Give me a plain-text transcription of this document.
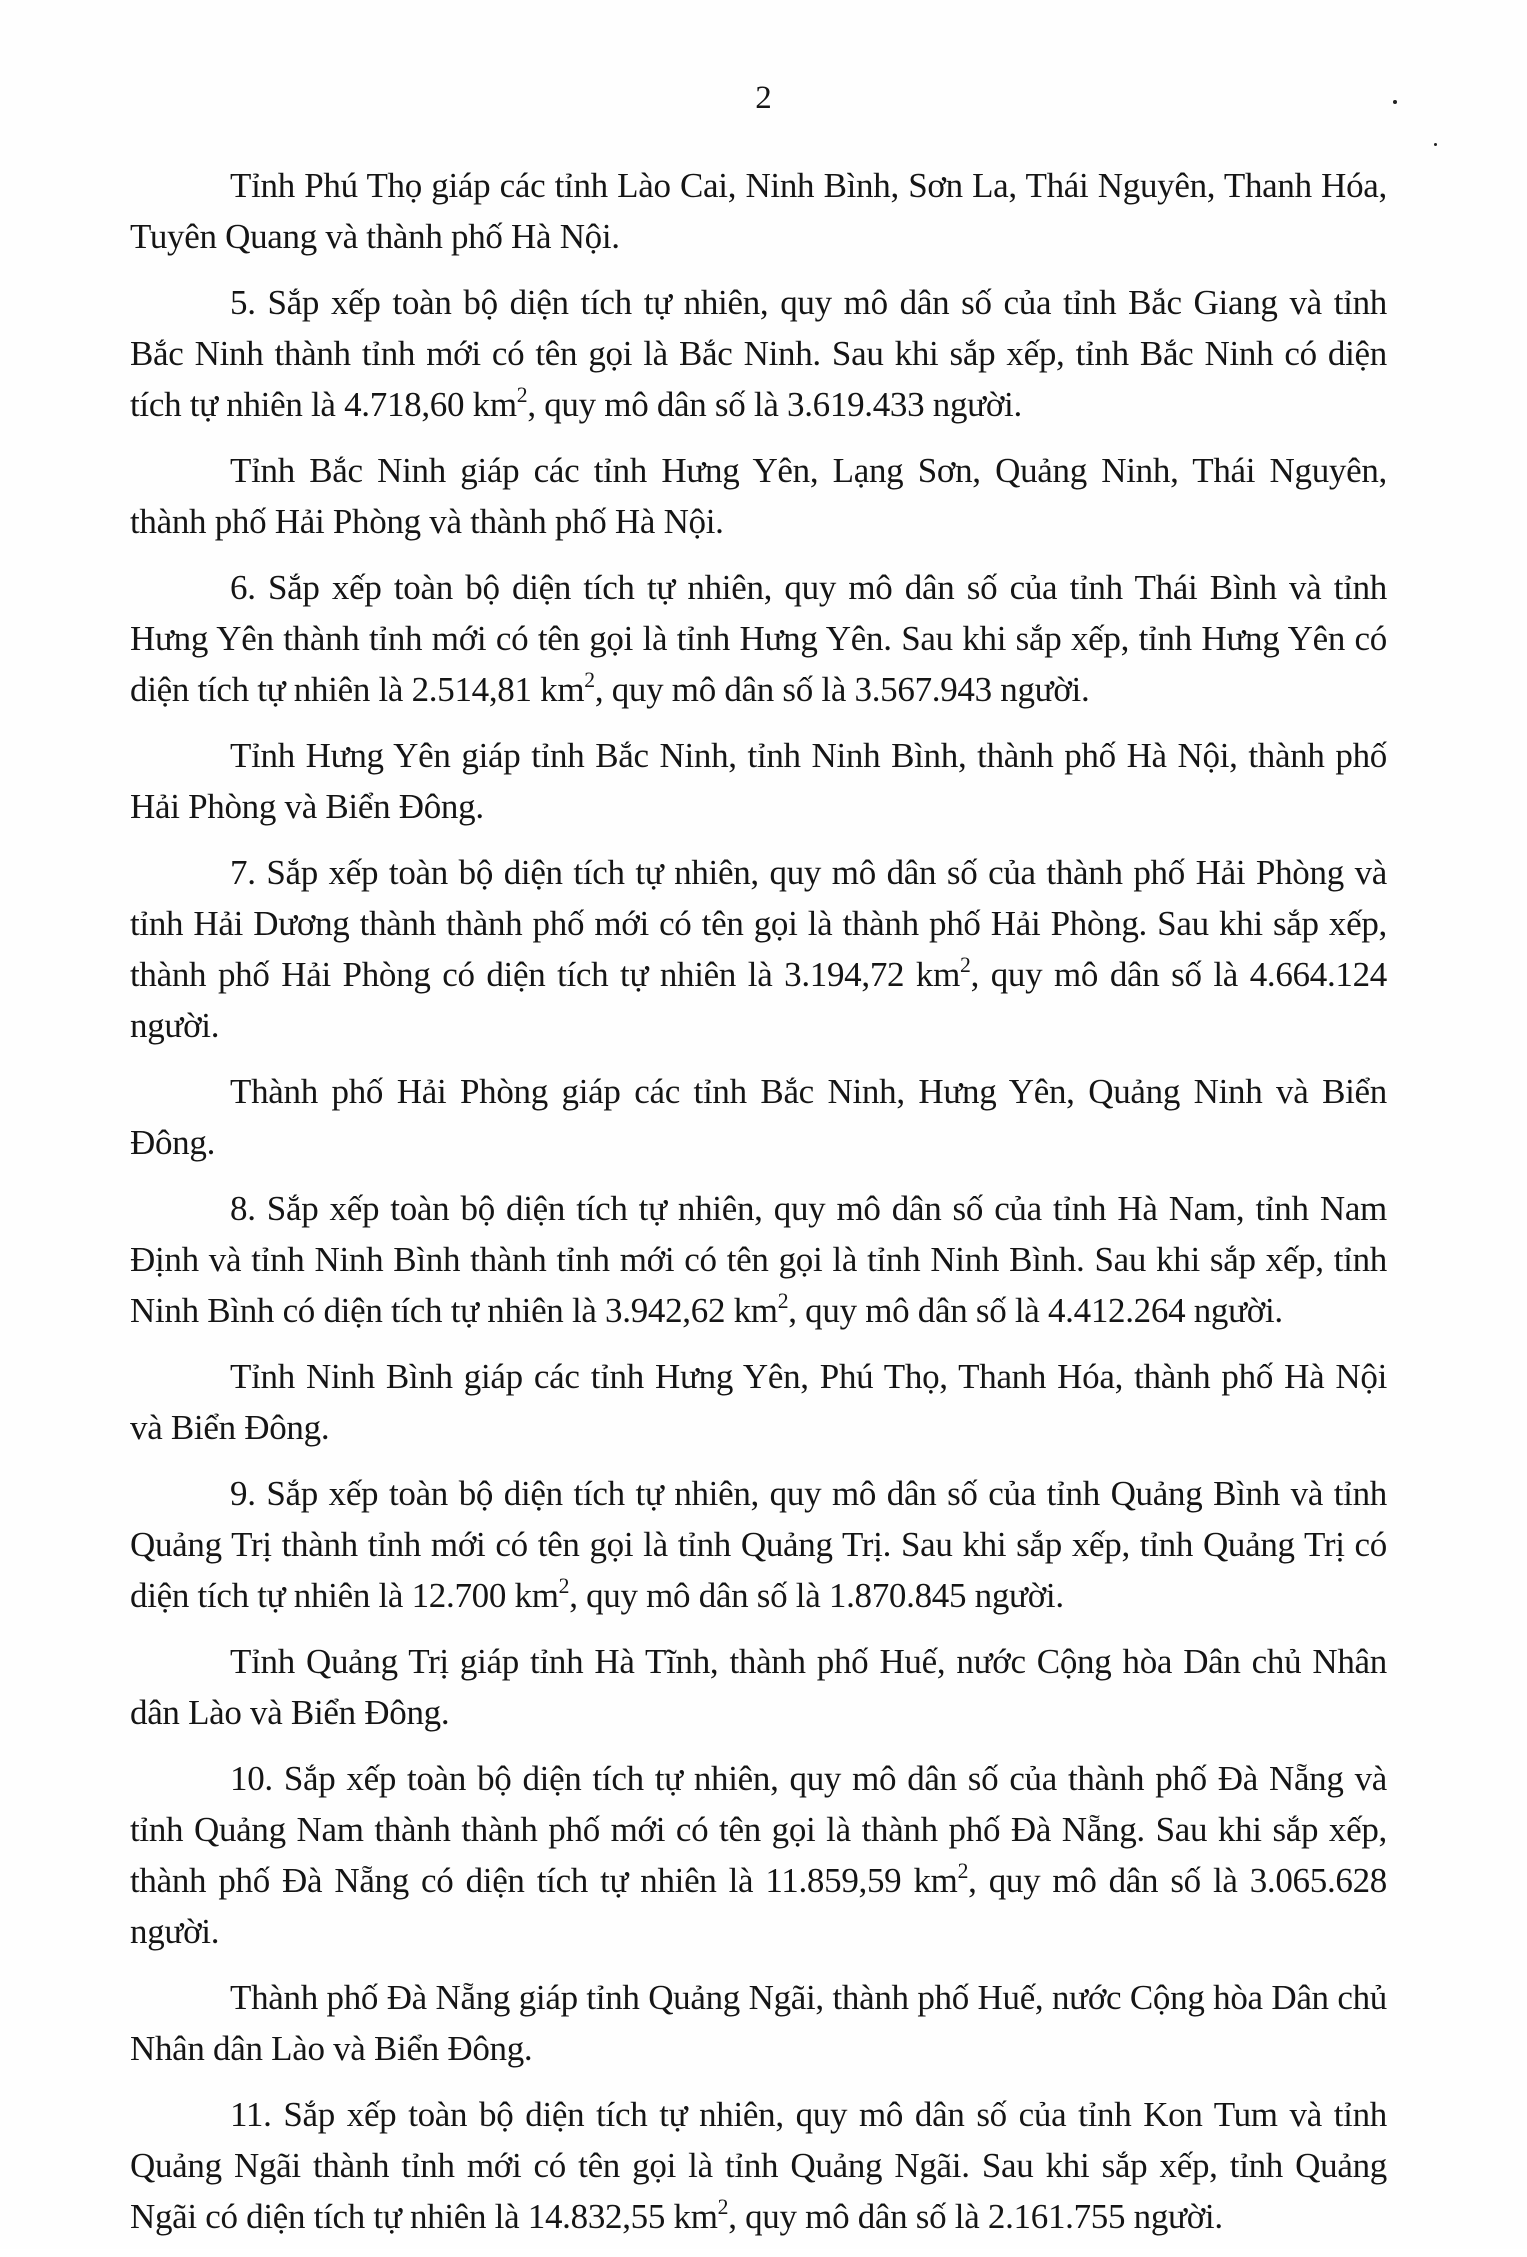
2

Tỉnh Phú Thọ giáp các tỉnh Lào Cai, Ninh Bình, Sơn La, Thái Nguyên, Thanh Hóa, Tuyên Quang và thành phố Hà Nội.

5. Sắp xếp toàn bộ diện tích tự nhiên, quy mô dân số của tỉnh Bắc Giang và tỉnh Bắc Ninh thành tỉnh mới có tên gọi là Bắc Ninh. Sau khi sắp xếp, tỉnh Bắc Ninh có diện tích tự nhiên là 4.718,60 $km^2$, quy mô dân số là 3.619.433 người.

Tỉnh Bắc Ninh giáp các tỉnh Hưng Yên, Lạng Sơn, Quảng Ninh, Thái Nguyên, thành phố Hải Phòng và thành phố Hà Nội.

6. Sắp xếp toàn bộ diện tích tự nhiên, quy mô dân số của tỉnh Thái Bình và tỉnh Hưng Yên thành tỉnh mới có tên gọi là tỉnh Hưng Yên. Sau khi sắp xếp, tỉnh Hưng Yên có diện tích tự nhiên là 2.514,81 $km^2$, quy mô dân số là 3.567.943 người.

Tỉnh Hưng Yên giáp tỉnh Bắc Ninh, tỉnh Ninh Bình, thành phố Hà Nội, thành phố Hải Phòng và Biển Đông.

7. Sắp xếp toàn bộ diện tích tự nhiên, quy mô dân số của thành phố Hải Phòng và tỉnh Hải Dương thành thành phố mới có tên gọi là thành phố Hải Phòng. Sau khi sắp xếp, thành phố Hải Phòng có diện tích tự nhiên là 3.194,72 $km^2$, quy mô dân số là 4.664.124 người.

Thành phố Hải Phòng giáp các tỉnh Bắc Ninh, Hưng Yên, Quảng Ninh và Biển Đông.

8. Sắp xếp toàn bộ diện tích tự nhiên, quy mô dân số của tỉnh Hà Nam, tỉnh Nam Định và tỉnh Ninh Bình thành tỉnh mới có tên gọi là tỉnh Ninh Bình. Sau khi sắp xếp, tỉnh Ninh Bình có diện tích tự nhiên là 3.942,62 $km^2$, quy mô dân số là 4.412.264 người.

Tỉnh Ninh Bình giáp các tỉnh Hưng Yên, Phú Thọ, Thanh Hóa, thành phố Hà Nội và Biển Đông.

9. Sắp xếp toàn bộ diện tích tự nhiên, quy mô dân số của tỉnh Quảng Bình và tỉnh Quảng Trị thành tỉnh mới có tên gọi là tỉnh Quảng Trị. Sau khi sắp xếp, tỉnh Quảng Trị có diện tích tự nhiên là 12.700 $km^2$, quy mô dân số là 1.870.845 người.

Tỉnh Quảng Trị giáp tỉnh Hà Tĩnh, thành phố Huế, nước Cộng hòa Dân chủ Nhân dân Lào và Biển Đông.

10. Sắp xếp toàn bộ diện tích tự nhiên, quy mô dân số của thành phố Đà Nẵng và tỉnh Quảng Nam thành thành phố mới có tên gọi là thành phố Đà Nẵng. Sau khi sắp xếp, thành phố Đà Nẵng có diện tích tự nhiên là 11.859,59 $km^2$, quy mô dân số là 3.065.628 người.

Thành phố Đà Nẵng giáp tỉnh Quảng Ngãi, thành phố Huế, nước Cộng hòa Dân chủ Nhân dân Lào và Biển Đông.

11. Sắp xếp toàn bộ diện tích tự nhiên, quy mô dân số của tỉnh Kon Tum và tỉnh Quảng Ngãi thành tỉnh mới có tên gọi là tỉnh Quảng Ngãi. Sau khi sắp xếp, tỉnh Quảng Ngãi có diện tích tự nhiên là 14.832,55 $km^2$, quy mô dân số là 2.161.755 người.
